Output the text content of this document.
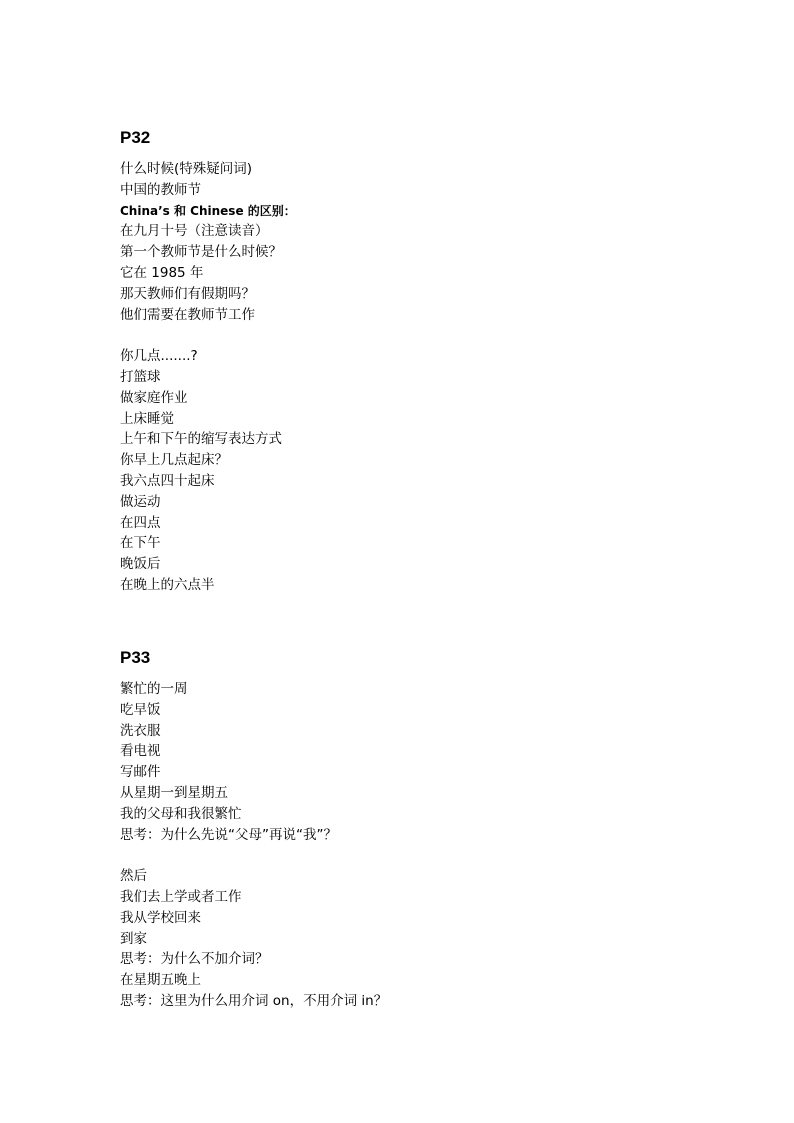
P32
什么时候(特殊疑问词)
中国的教师节
China’s 和 Chinese 的区别：
在九月十号（注意读音）
第一个教师节是什么时候？
它在 1985 年
那天教师们有假期吗？
他们需要在教师节工作
你几点.......?
打篮球
做家庭作业
上床睡觉
上午和下午的缩写表达方式
你早上几点起床？
我六点四十起床
做运动
在四点
在下午
晚饭后
在晚上的六点半
P33
繁忙的一周
吃早饭
洗衣服
看电视
写邮件
从星期一到星期五
我的父母和我很繁忙
思考：为什么先说“父母”再说“我”？
然后
我们去上学或者工作
我从学校回来
到家
思考：为什么不加介词？
在星期五晚上
思考：这里为什么用介词 on，不用介词 in？
